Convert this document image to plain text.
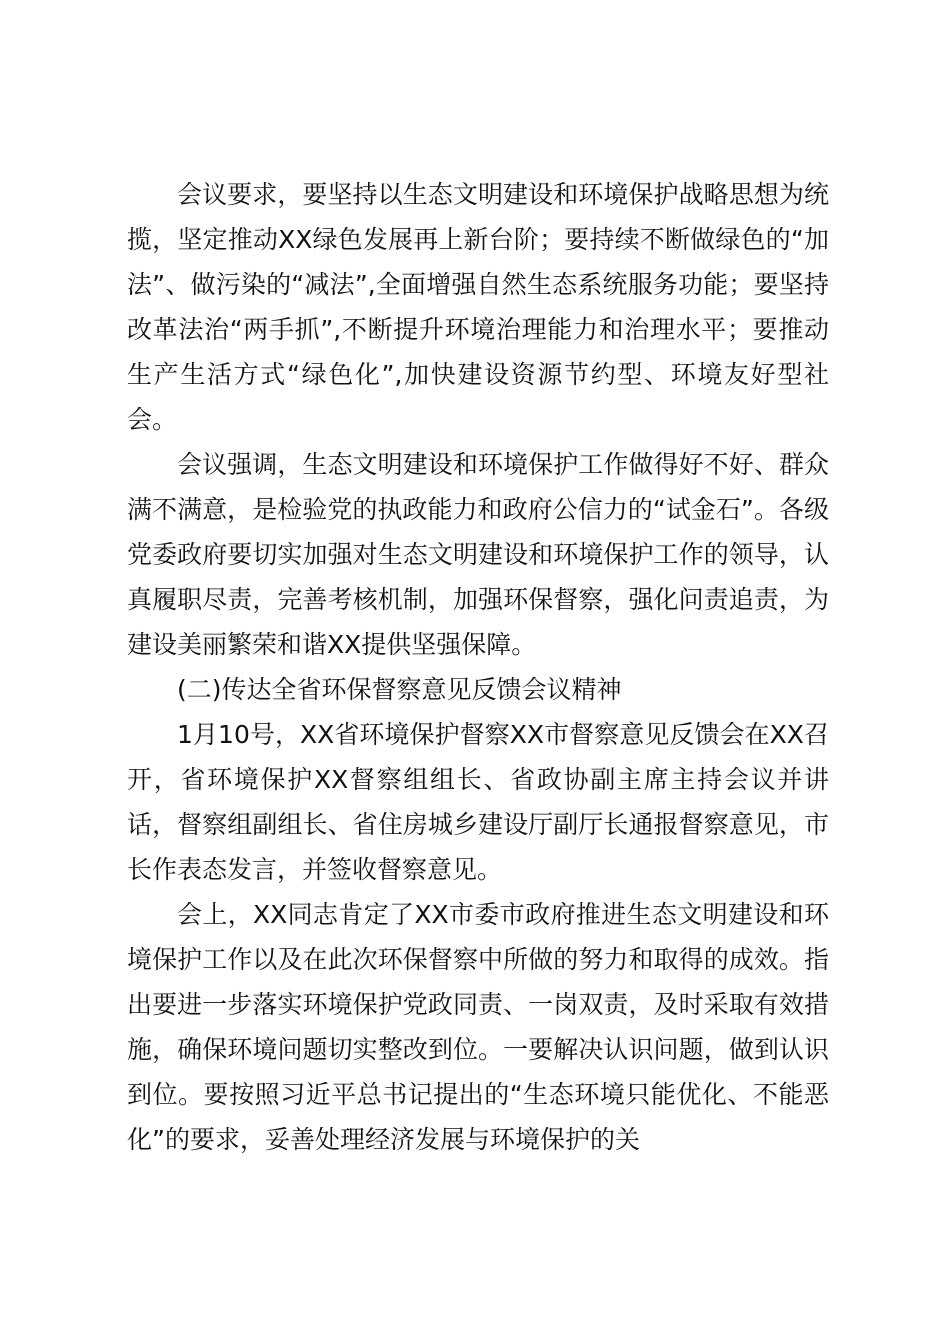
会议要求，要坚持以生态文明建设和环境保护战略思想为统揽，坚定推动XX绿色发展再上新台阶；要持续不断做绿色的“加法”、做污染的“减法”,全面增强自然生态系统服务功能；要坚持改革法治“两手抓”,不断提升环境治理能力和治理水平；要推动生产生活方式“绿色化”,加快建设资源节约型、环境友好型社会。

会议强调，生态文明建设和环境保护工作做得好不好、群众满不满意，是检验党的执政能力和政府公信力的“试金石”。各级党委政府要切实加强对生态文明建设和环境保护工作的领导，认真履职尽责，完善考核机制，加强环保督察，强化问责追责，为建设美丽繁荣和谐XX提供坚强保障。

(二)传达全省环保督察意见反馈会议精神

1月10号，XX省环境保护督察XX市督察意见反馈会在XX召开，省环境保护XX督察组组长、省政协副主席主持会议并讲话，督察组副组长、省住房城乡建设厅副厅长通报督察意见，市长作表态发言，并签收督察意见。

会上，XX同志肯定了XX市委市政府推进生态文明建设和环境保护工作以及在此次环保督察中所做的努力和取得的成效。指出要进一步落实环境保护党政同责、一岗双责，及时采取有效措施，确保环境问题切实整改到位。一要解决认识问题，做到认识到位。要按照习近平总书记提出的“生态环境只能优化、不能恶化”的要求，妥善处理经济发展与环境保护的关
